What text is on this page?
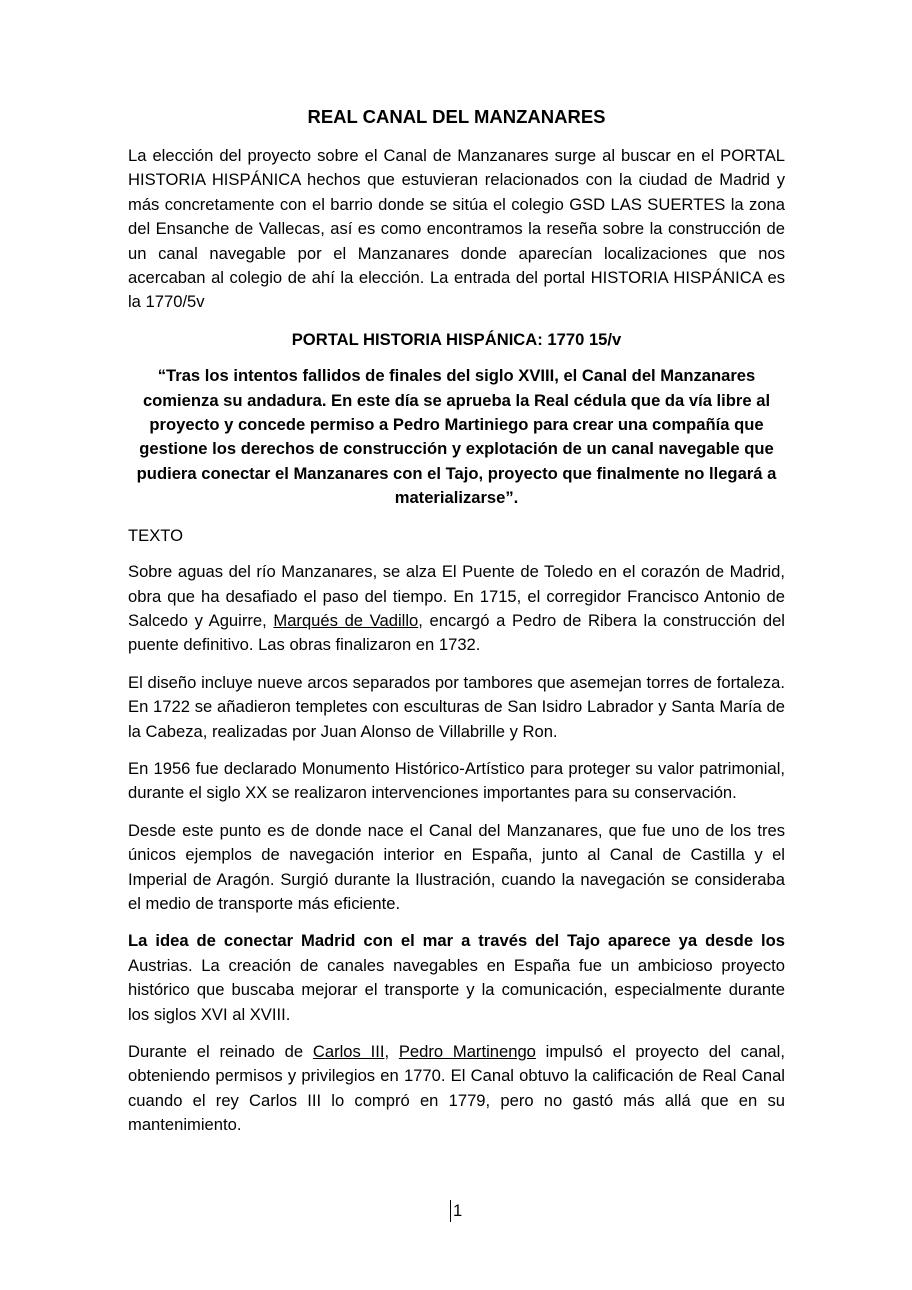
REAL CANAL DEL MANZANARES
La elección del proyecto sobre el Canal de Manzanares surge al buscar en el PORTAL HISTORIA HISPÁNICA hechos que estuvieran relacionados con la ciudad de Madrid y más concretamente con el barrio donde se sitúa el colegio GSD LAS SUERTES la zona del Ensanche de Vallecas, así es como encontramos la reseña sobre la construcción de un canal navegable por el Manzanares donde aparecían localizaciones que nos acercaban al colegio de ahí la elección. La entrada del portal HISTORIA HISPÁNICA es la 1770/5v
PORTAL HISTORIA HISPÁNICA: 1770 15/v
“Tras los intentos fallidos de finales del siglo XVIII, el Canal del Manzanares comienza su andadura. En este día se aprueba la Real cédula que da vía libre al proyecto y concede permiso a Pedro Martiniego para crear una compañía que gestione los derechos de construcción y explotación de un canal navegable que pudiera conectar el Manzanares con el Tajo, proyecto que finalmente no llegará a materializarse”.
TEXTO
Sobre aguas del río Manzanares, se alza El Puente de Toledo en el corazón de Madrid, obra que ha desafiado el paso del tiempo. En 1715, el corregidor Francisco Antonio de Salcedo y Aguirre, Marqués de Vadillo, encargó a Pedro de Ribera la construcción del puente definitivo. Las obras finalizaron en 1732.
El diseño incluye nueve arcos separados por tambores que asemejan torres de fortaleza. En 1722 se añadieron templetes con esculturas de San Isidro Labrador y Santa María de la Cabeza, realizadas por Juan Alonso de Villabrille y Ron.
En 1956 fue declarado Monumento Histórico-Artístico para proteger su valor patrimonial, durante el siglo XX se realizaron intervenciones importantes para su conservación.
Desde este punto es de donde nace el Canal del Manzanares, que fue uno de los tres únicos ejemplos de navegación interior en España, junto al Canal de Castilla y el Imperial de Aragón. Surgió durante la Ilustración, cuando la navegación se consideraba el medio de transporte más eficiente.
La idea de conectar Madrid con el mar a través del Tajo aparece ya desde los Austrias. La creación de canales navegables en España fue un ambicioso proyecto histórico que buscaba mejorar el transporte y la comunicación, especialmente durante los siglos XVI al XVIII.
Durante el reinado de Carlos III, Pedro Martinengo impulsó el proyecto del canal, obteniendo permisos y privilegios en 1770. El Canal obtuvo la calificación de Real Canal cuando el rey Carlos III lo compró en 1779, pero no gastó más allá que en su mantenimiento.
1
